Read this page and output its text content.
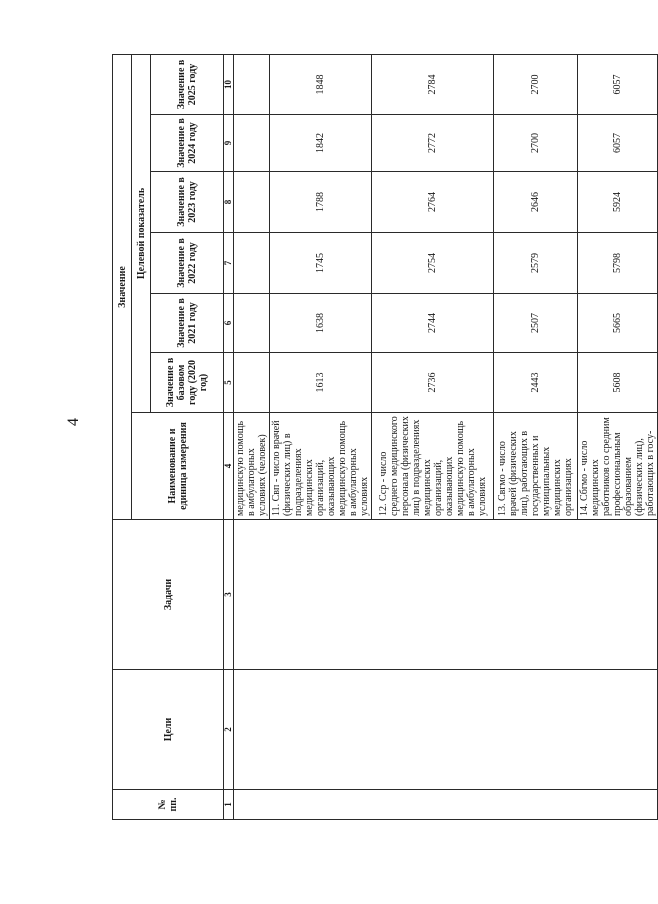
4
№ пп.	Цели	Задачи	Значение						
			Наименование и единица измерения	Целевой показатель					
				Значение в базовом году (2020 год)	Значение в 2021 году	Значение в 2022 году	Значение в 2023 году	Значение в 2024 году	Значение в 2025 году
1	2	3	4	5	6	7	8	9	10
			медицинскую помощь в амбулаторных условиях (человек)						
			11. Свп - число врачей (физических лиц) в подразделениях медицинских организаций, оказывающих медицинскую помощь в амбулаторных условиях	1613	1638	1745	1788	1842	1848
			12. Сср - число среднего медицинского персонала (физических лиц) в подразделениях медицинских организаций, оказывающих медицинскую помощь в амбулаторных условиях	2736	2744	2754	2764	2772	2784
			13. Свгмо - число врачей (физических лиц), работающих в государственных и муниципальных медицинских организациях	2443	2507	2579	2646	2700	2700
			14. Сбгмо - число медицинских работников со средним профессиональным образованием (физических лиц), работающих в госу-	5608	5665	5798	5924	6057	6057
